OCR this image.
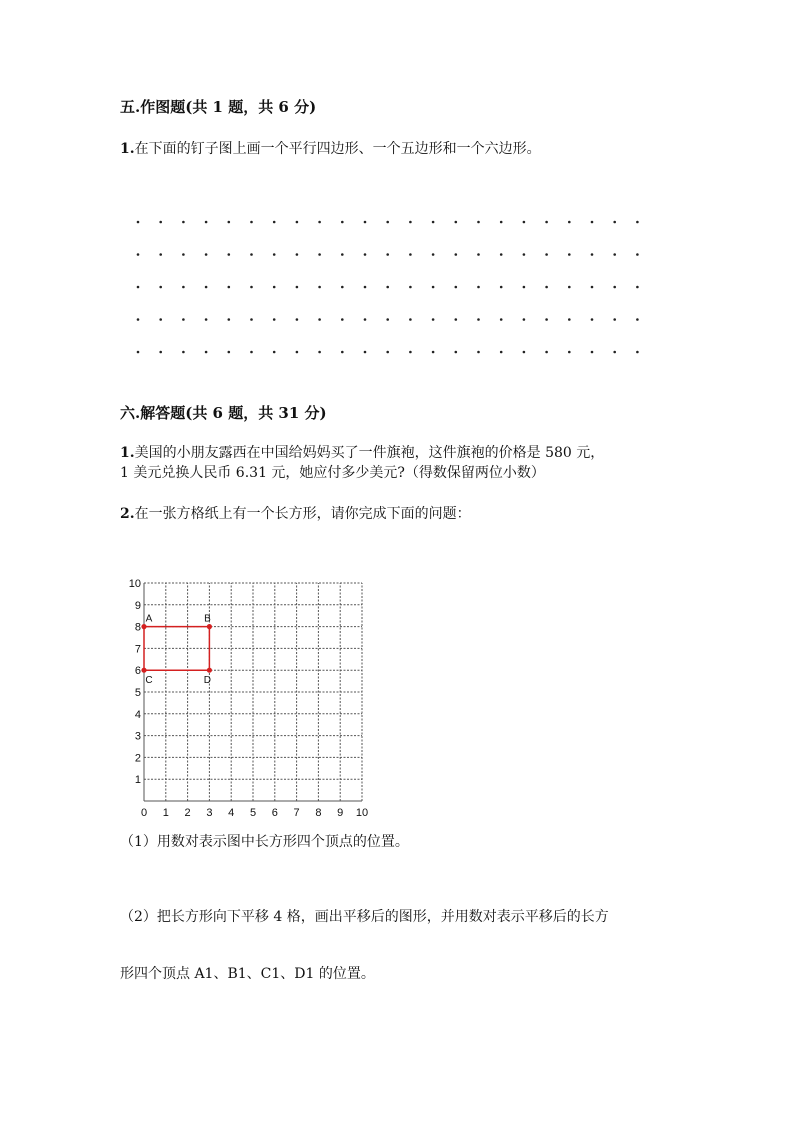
五.作图题(共 1 题，共 6 分)
1.在下面的钉子图上画一个平行四边形、一个五边形和一个六边形。
六.解答题(共 6 题，共 31 分)
1.美国的小朋友露西在中国给妈妈买了一件旗袍，这件旗袍的价格是 580 元，
1 美元兑换人民币 6.31 元，她应付多少美元?（得数保留两位小数）
2.在一张方格纸上有一个长方形，请你完成下面的问题：
0 1 2 3 4 5 6 7 8 9 10
1
2
3
4
5
6
7
8
9
10
A	B
C	D
（1）用数对表示图中长方形四个顶点的位置。
（2）把长方形向下平移 4 格，画出平移后的图形，并用数对表示平移后的长方
形四个顶点 A1、B1、C1、D1 的位置。
